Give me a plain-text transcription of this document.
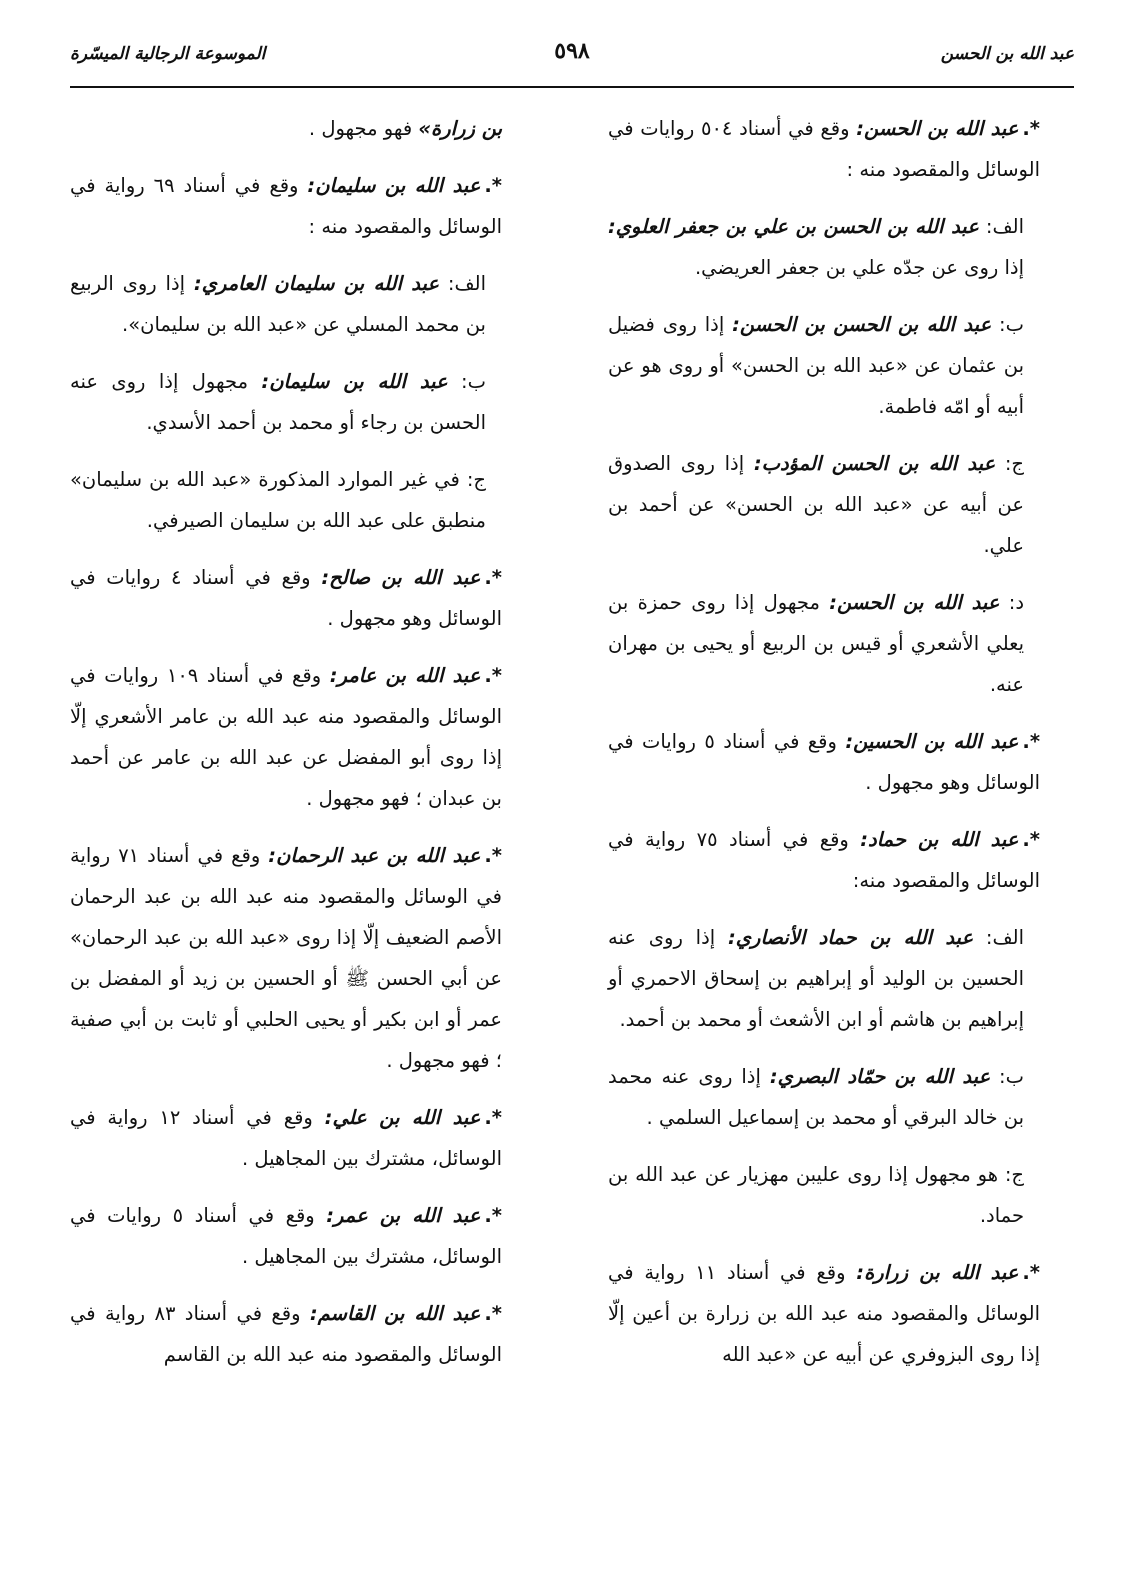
عبد الله بن الحسن
٥٩٨
الموسوعة الرجالية الميسّرة

*.عبد الله بن الحسن: وقع في أسناد ٥٠٤ روايات في الوسائل والمقصود منه :

الف: عبد الله بن الحسن بن علي بن جعفر العلوي: إذا روى عن جدّه علي بن جعفر العريضي.

ب: عبد الله بن الحسن بن الحسن: إذا روى فضيل بن عثمان عن «عبد الله بن الحسن» أو روى هو عن أبيه أو امّه فاطمة.

ج: عبد الله بن الحسن المؤدب: إذا روى الصدوق عن أبيه عن «عبد الله بن الحسن» عن أحمد بن علي.

د: عبد الله بن الحسن: مجهول إذا روى حمزة بن يعلي الأشعري أو قيس بن الربيع أو يحيى بن مهران عنه.

*.عبد الله بن الحسين: وقع في أسناد ٥ روايات في الوسائل وهو مجهول .

*.عبد الله بن حماد: وقع في أسناد ٧٥ رواية في الوسائل والمقصود منه:

الف: عبد الله بن حماد الأنصاري: إذا روى عنه الحسين بن الوليد أو إبراهيم بن إسحاق الاحمري أو إبراهيم بن هاشم أو ابن الأشعث أو محمد بن أحمد.

ب: عبد الله بن حمّاد البصري: إذا روى عنه محمد بن خالد البرقي أو محمد بن إسماعيل السلمي .

ج: هو مجهول إذا روى عليبن مهزيار عن عبد الله بن حماد.

*.عبد الله بن زرارة: وقع في أسناد ١١ رواية في الوسائل والمقصود منه عبد الله بن زرارة بن أعين إلّا إذا روى البزوفري عن أبيه عن «عبد الله

بن زرارة» فهو مجهول .

*.عبد الله بن سليمان: وقع في أسناد ٦٩ رواية في الوسائل والمقصود منه :

الف: عبد الله بن سليمان العامري: إذا روى الربيع بن محمد المسلي عن «عبد الله بن سليمان».

ب: عبد الله بن سليمان: مجهول إذا روى عنه الحسن بن رجاء أو محمد بن أحمد الأسدي.

ج: في غير الموارد المذكورة «عبد الله بن سليمان» منطبق على عبد الله بن سليمان الصيرفي.

*.عبد الله بن صالح: وقع في أسناد ٤ روايات في الوسائل وهو مجهول .

*.عبد الله بن عامر: وقع في أسناد ١٠٩ روايات في الوسائل والمقصود منه عبد الله بن عامر الأشعري إلّا إذا روى أبو المفضل عن عبد الله بن عامر عن أحمد بن عبدان ؛ فهو مجهول .

*.عبد الله بن عبد الرحمان: وقع في أسناد ٧١ رواية في الوسائل والمقصود منه عبد الله بن عبد الرحمان الأصم الضعيف إلّا إذا روى «عبد الله بن عبد الرحمان» عن أبي الحسن ﷺ أو الحسين بن زيد أو المفضل بن عمر أو ابن بكير أو يحيى الحلبي أو ثابت بن أبي صفية ؛ فهو مجهول .

*.عبد الله بن علي: وقع في أسناد ١٢ رواية في الوسائل، مشترك بين المجاهيل .

*.عبد الله بن عمر: وقع في أسناد ٥ روايات في الوسائل، مشترك بين المجاهيل .

*.عبد الله بن القاسم: وقع في أسناد ٨٣ رواية في الوسائل والمقصود منه عبد الله بن القاسم
